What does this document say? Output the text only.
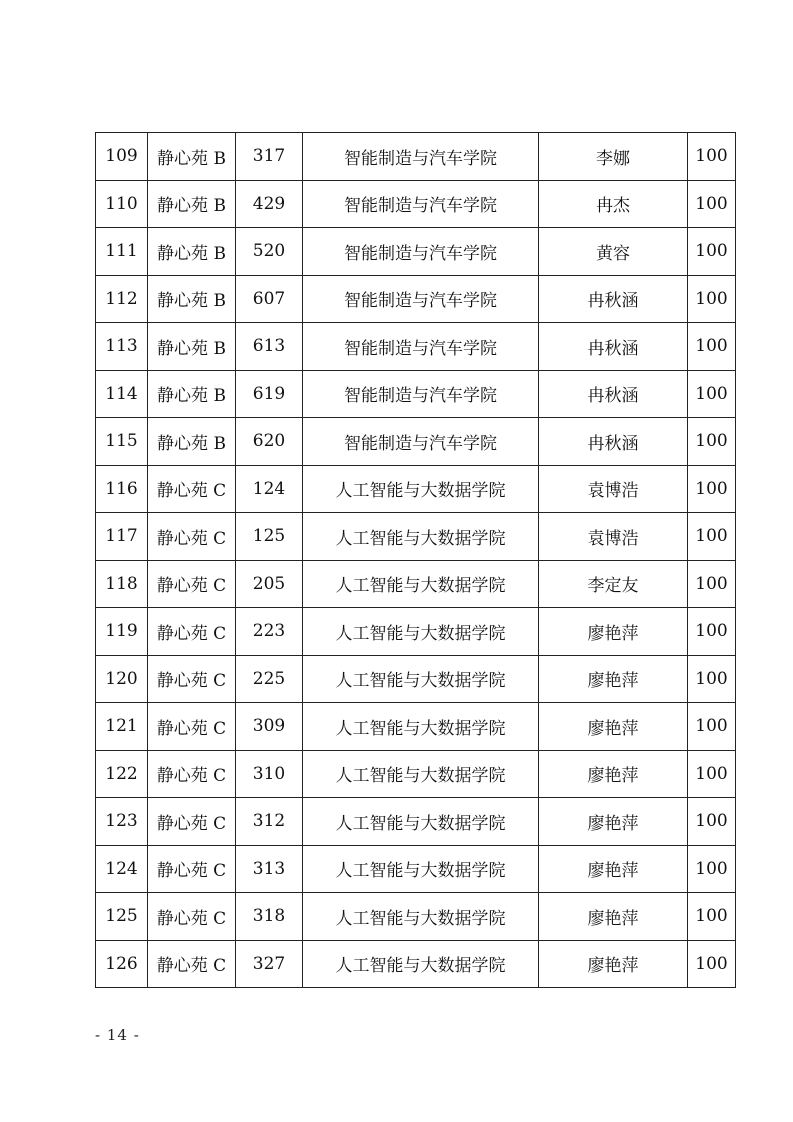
109	静心苑 B	317	智能制造与汽车学院	李娜	100
110	静心苑 B	429	智能制造与汽车学院	冉杰	100
111	静心苑 B	520	智能制造与汽车学院	黄容	100
112	静心苑 B	607	智能制造与汽车学院	冉秋涵	100
113	静心苑 B	613	智能制造与汽车学院	冉秋涵	100
114	静心苑 B	619	智能制造与汽车学院	冉秋涵	100
115	静心苑 B	620	智能制造与汽车学院	冉秋涵	100
116	静心苑 C	124	人工智能与大数据学院	袁博浩	100
117	静心苑 C	125	人工智能与大数据学院	袁博浩	100
118	静心苑 C	205	人工智能与大数据学院	李定友	100
119	静心苑 C	223	人工智能与大数据学院	廖艳萍	100
120	静心苑 C	225	人工智能与大数据学院	廖艳萍	100
121	静心苑 C	309	人工智能与大数据学院	廖艳萍	100
122	静心苑 C	310	人工智能与大数据学院	廖艳萍	100
123	静心苑 C	312	人工智能与大数据学院	廖艳萍	100
124	静心苑 C	313	人工智能与大数据学院	廖艳萍	100
125	静心苑 C	318	人工智能与大数据学院	廖艳萍	100
126	静心苑 C	327	人工智能与大数据学院	廖艳萍	100
- 14 -
